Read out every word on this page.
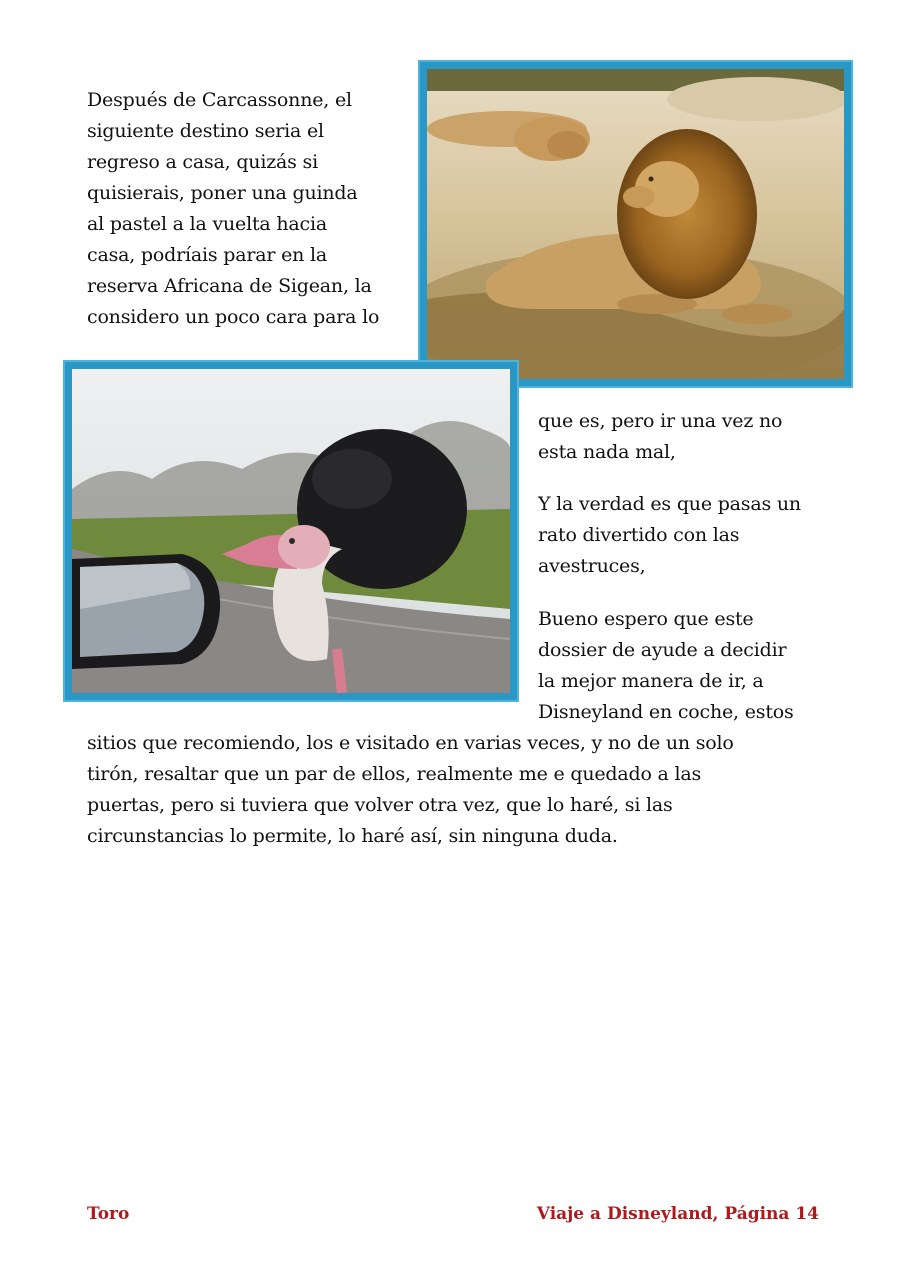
Después de Carcassonne, el
siguiente destino seria el
regreso a casa, quizás si
quisierais, poner una guinda
al pastel a la vuelta hacia
casa, podríais parar en la
reserva Africana de Sigean, la
considero un poco cara para lo

que es, pero ir una vez no
esta nada mal,

Y la verdad es que pasas un
rato divertido con las
avestruces,

Bueno espero que este
dossier de ayude a decidir
la mejor manera de ir, a
Disneyland en coche, estos

sitios que recomiendo, los e visitado en varias veces, y no de un solo
tirón, resaltar que un par de ellos, realmente me e quedado a las
puertas, pero si tuviera que volver otra vez, que lo haré, si las
circunstancias lo permite, lo haré así, sin ninguna duda.

Toro	Viaje a Disneyland, Página 14
